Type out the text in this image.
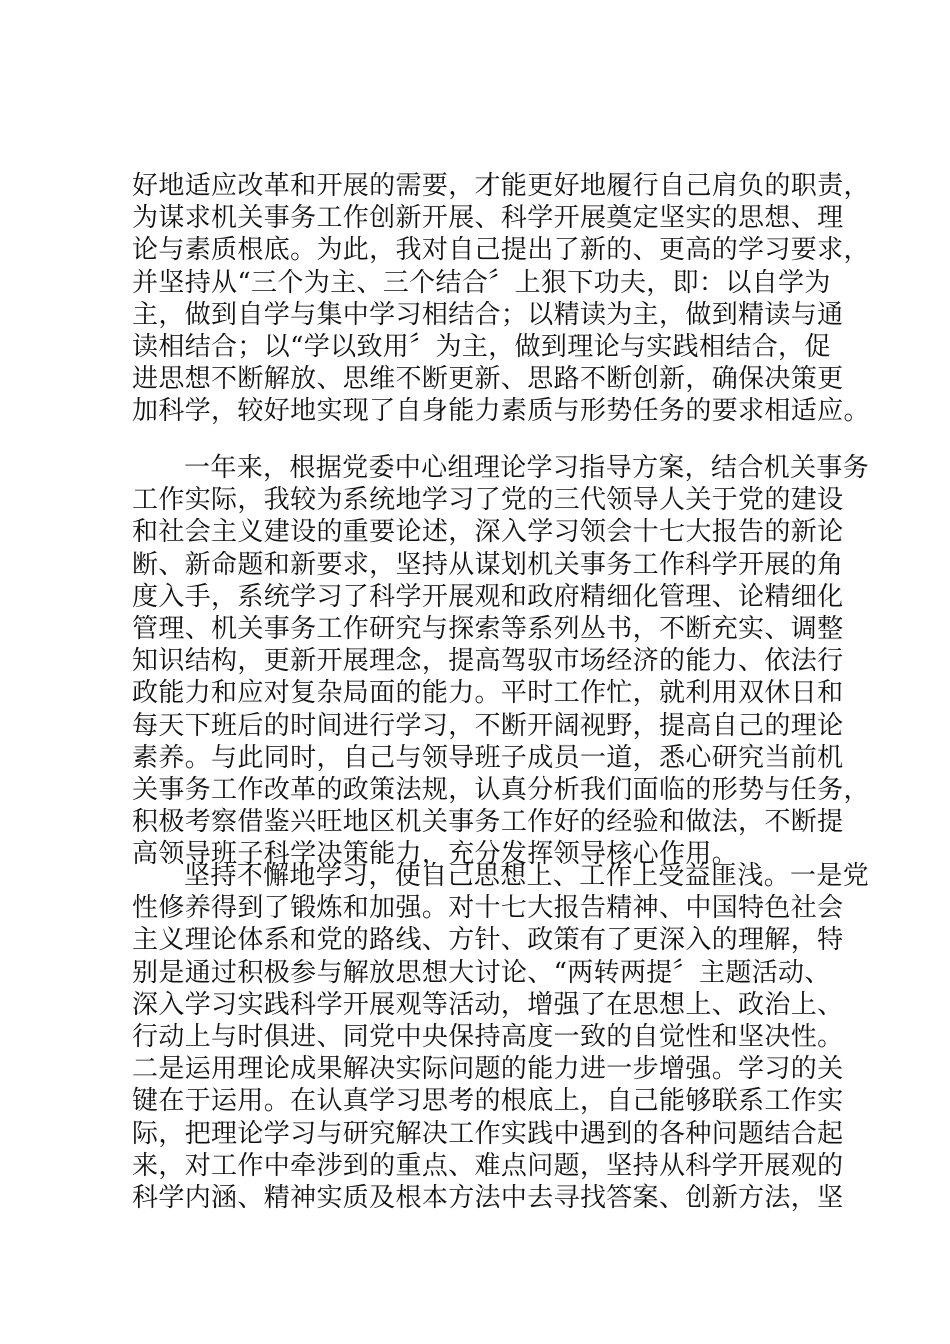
好地适应改革和开展的需要，才能更好地履行自己肩负的职责，
为谋求机关事务工作创新开展、科学开展奠定坚实的思想、理
论与素质根底。为此，我对自己提出了新的、更高的学习要求，
并坚持从“三个为主、三个结合〞上狠下功夫，即：以自学为
主，做到自学与集中学习相结合；以精读为主，做到精读与通
读相结合；以“学以致用〞为主，做到理论与实践相结合，促
进思想不断解放、思维不断更新、思路不断创新，确保决策更
加科学，较好地实现了自身能力素质与形势任务的要求相适应。
一年来，根据党委中心组理论学习指导方案，结合机关事务
工作实际，我较为系统地学习了党的三代领导人关于党的建设
和社会主义建设的重要论述，深入学习领会十七大报告的新论
断、新命题和新要求，坚持从谋划机关事务工作科学开展的角
度入手，系统学习了科学开展观和政府精细化管理、论精细化
管理、机关事务工作研究与探索等系列丛书，不断充实、调整
知识结构，更新开展理念，提高驾驭市场经济的能力、依法行
政能力和应对复杂局面的能力。平时工作忙，就利用双休日和
每天下班后的时间进行学习，不断开阔视野，提高自己的理论
素养。与此同时，自己与领导班子成员一道，悉心研究当前机
关事务工作改革的政策法规，认真分析我们面临的形势与任务，
积极考察借鉴兴旺地区机关事务工作好的经验和做法，不断提
高领导班子科学决策能力，充分发挥领导核心作用。
坚持不懈地学习，使自己思想上、工作上受益匪浅。一是党
性修养得到了锻炼和加强。对十七大报告精神、中国特色社会
主义理论体系和党的路线、方针、政策有了更深入的理解，特
别是通过积极参与解放思想大讨论、“两转两提〞主题活动、
深入学习实践科学开展观等活动，增强了在思想上、政治上、
行动上与时俱进、同党中央保持高度一致的自觉性和坚决性。
二是运用理论成果解决实际问题的能力进一步增强。学习的关
键在于运用。在认真学习思考的根底上，自己能够联系工作实
际，把理论学习与研究解决工作实践中遇到的各种问题结合起
来，对工作中牵涉到的重点、难点问题，坚持从科学开展观的
科学内涵、精神实质及根本方法中去寻找答案、创新方法，坚
